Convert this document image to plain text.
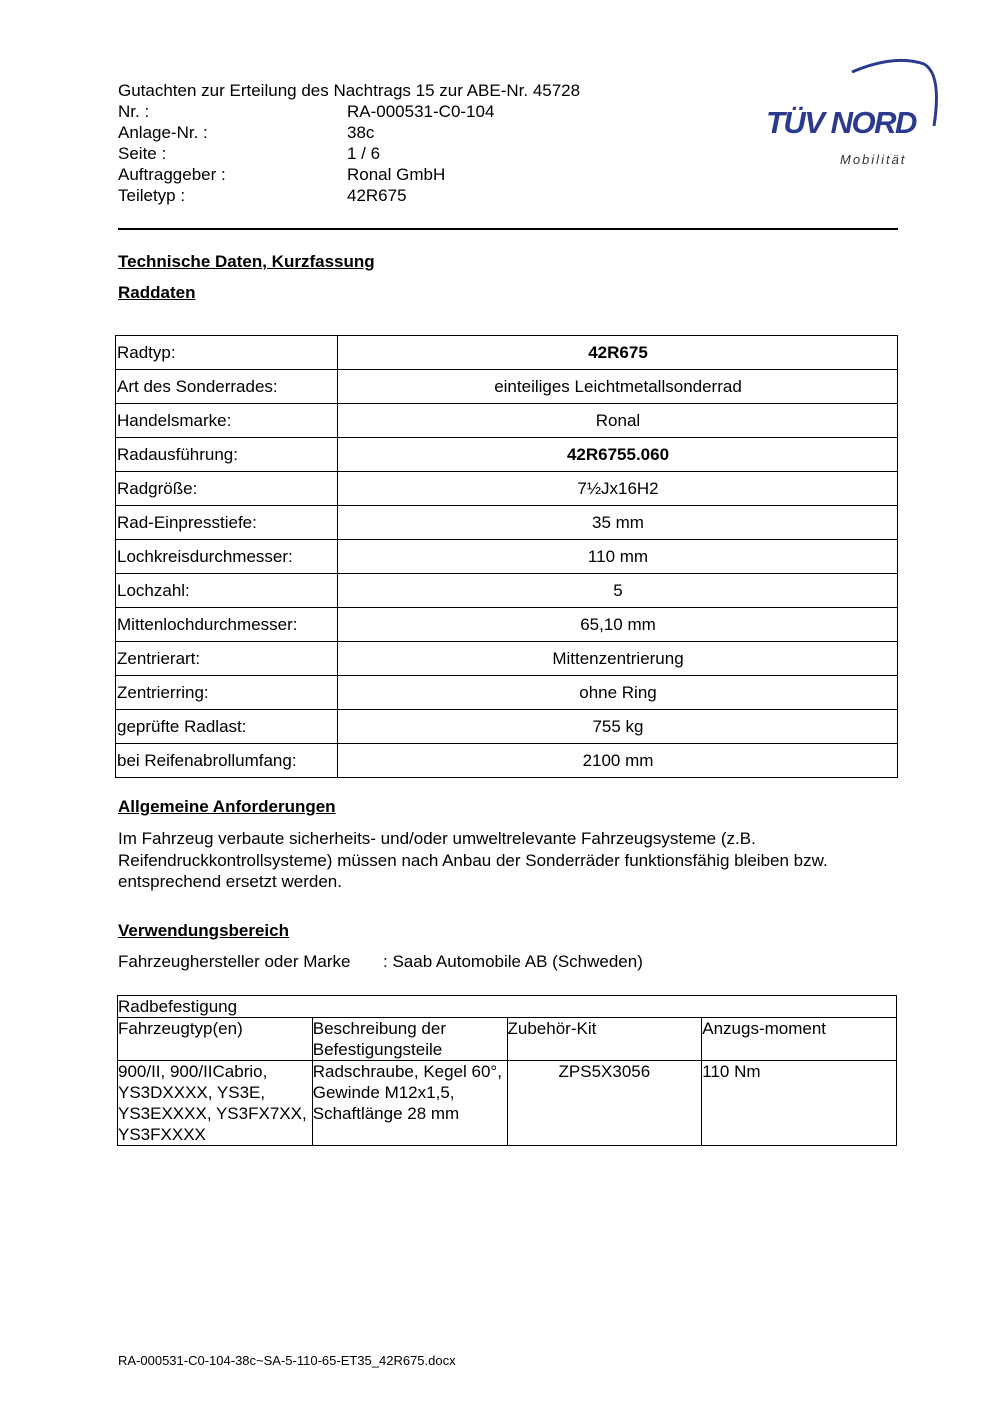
Gutachten zur Erteilung des Nachtrags 15 zur ABE-Nr. 45728
Nr. :	RA-000531-C0-104
Anlage-Nr. :	38c
Seite :	1 / 6
Auftraggeber :	Ronal GmbH
Teiletyp :	42R675
TÜV NORD
Mobilität
Technische Daten, Kurzfassung
Raddaten
Radtyp:	42R675
Art des Sonderrades:	einteiliges Leichtmetallsonderrad
Handelsmarke:	Ronal
Radausführung:	42R6755.060
Radgröße:	7½Jx16H2
Rad-Einpresstiefe:	35 mm
Lochkreisdurchmesser:	110 mm
Lochzahl:	5
Mittenlochdurchmesser:	65,10 mm
Zentrierart:	Mittenzentrierung
Zentrierring:	ohne Ring
geprüfte Radlast:	755 kg
bei Reifenabrollumfang:	2100 mm
Allgemeine Anforderungen
Im Fahrzeug verbaute sicherheits- und/oder umweltrelevante Fahrzeugsysteme (z.B. Reifendruckkontrollsysteme) müssen nach Anbau der Sonderräder funktionsfähig bleiben bzw. entsprechend ersetzt werden.
Verwendungsbereich
Fahrzeughersteller oder Marke	: Saab Automobile AB (Schweden)
Radbefestigung			
Fahrzeugtyp(en)	Beschreibung der Befestigungsteile	Zubehör-Kit	Anzugs-moment
900/II, 900/IICabrio, YS3DXXXX, YS3E, YS3EXXXX, YS3FX7XX, YS3FXXXX	Radschraube, Kegel 60°, Gewinde M12x1,5, Schaftlänge 28 mm	ZPS5X3056	110 Nm
RA-000531-C0-104-38c~SA-5-110-65-ET35_42R675.docx
